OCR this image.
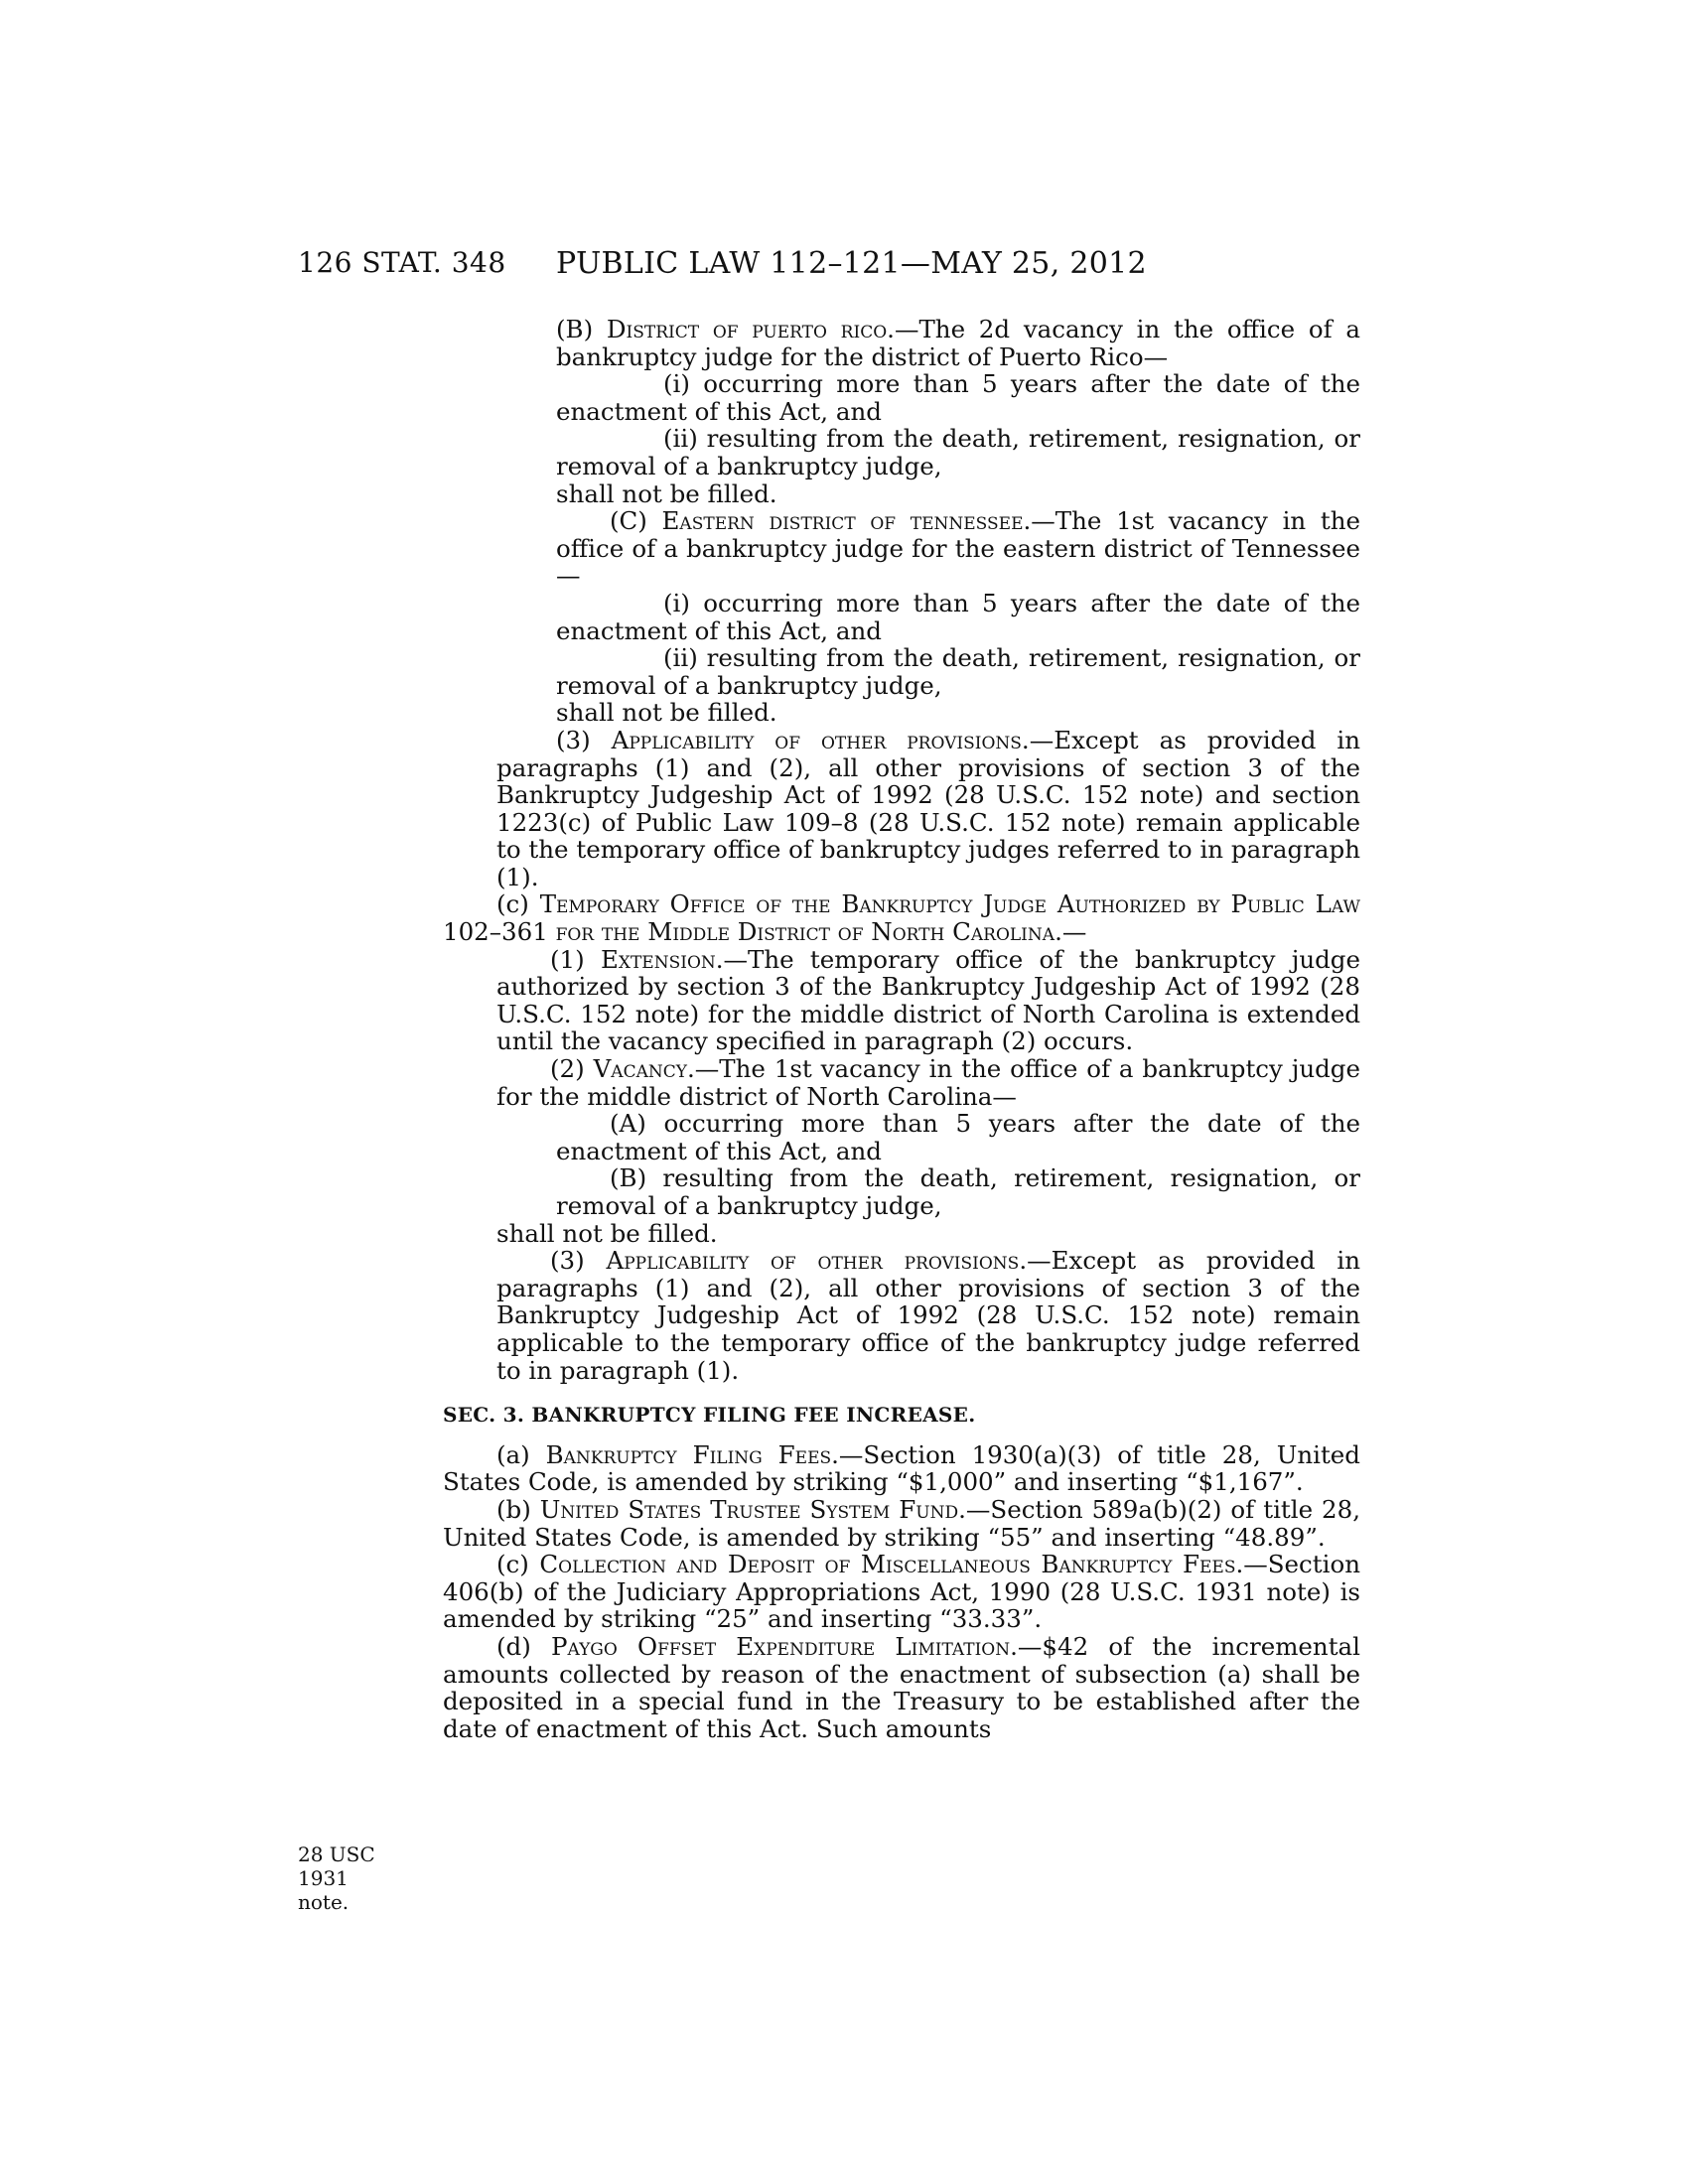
126 STAT. 348 PUBLIC LAW 112–121—MAY 25, 2012

(B) District of puerto rico.—The 2d vacancy in the office of a bankruptcy judge for the district of Puerto Rico—

(i) occurring more than 5 years after the date of the enactment of this Act, and

(ii) resulting from the death, retirement, resignation, or removal of a bankruptcy judge,

shall not be filled.

(C) Eastern district of tennessee.—The 1st vacancy in the office of a bankruptcy judge for the eastern district of Tennessee—

(i) occurring more than 5 years after the date of the enactment of this Act, and

(ii) resulting from the death, retirement, resignation, or removal of a bankruptcy judge,

shall not be filled.

(3) Applicability of other provisions.—Except as provided in paragraphs (1) and (2), all other provisions of section 3 of the Bankruptcy Judgeship Act of 1992 (28 U.S.C. 152 note) and section 1223(c) of Public Law 109–8 (28 U.S.C. 152 note) remain applicable to the temporary office of bankruptcy judges referred to in paragraph (1).

(c) Temporary Office of the Bankruptcy Judge Authorized by Public Law 102–361 for the Middle District of North Carolina.—

(1) Extension.—The temporary office of the bankruptcy judge authorized by section 3 of the Bankruptcy Judgeship Act of 1992 (28 U.S.C. 152 note) for the middle district of North Carolina is extended until the vacancy specified in paragraph (2) occurs.

(2) Vacancy.—The 1st vacancy in the office of a bankruptcy judge for the middle district of North Carolina—

(A) occurring more than 5 years after the date of the enactment of this Act, and

(B) resulting from the death, retirement, resignation, or removal of a bankruptcy judge,

shall not be filled.

(3) Applicability of other provisions.—Except as provided in paragraphs (1) and (2), all other provisions of section 3 of the Bankruptcy Judgeship Act of 1992 (28 U.S.C. 152 note) remain applicable to the temporary office of the bankruptcy judge referred to in paragraph (1).

SEC. 3. BANKRUPTCY FILING FEE INCREASE.

(a) Bankruptcy Filing Fees.—Section 1930(a)(3) of title 28, United States Code, is amended by striking “$1,000” and inserting “$1,167”.

(b) United States Trustee System Fund.—Section 589a(b)(2) of title 28, United States Code, is amended by striking “55” and inserting “48.89”.

(c) Collection and Deposit of Miscellaneous Bankruptcy Fees.—Section 406(b) of the Judiciary Appropriations Act, 1990 (28 U.S.C. 1931 note) is amended by striking “25” and inserting “33.33”.

(d) Paygo Offset Expenditure Limitation.—$42 of the incremental amounts collected by reason of the enactment of subsection (a) shall be deposited in a special fund in the Treasury to be established after the date of enactment of this Act. Such amounts

28 USC 1931
note.
